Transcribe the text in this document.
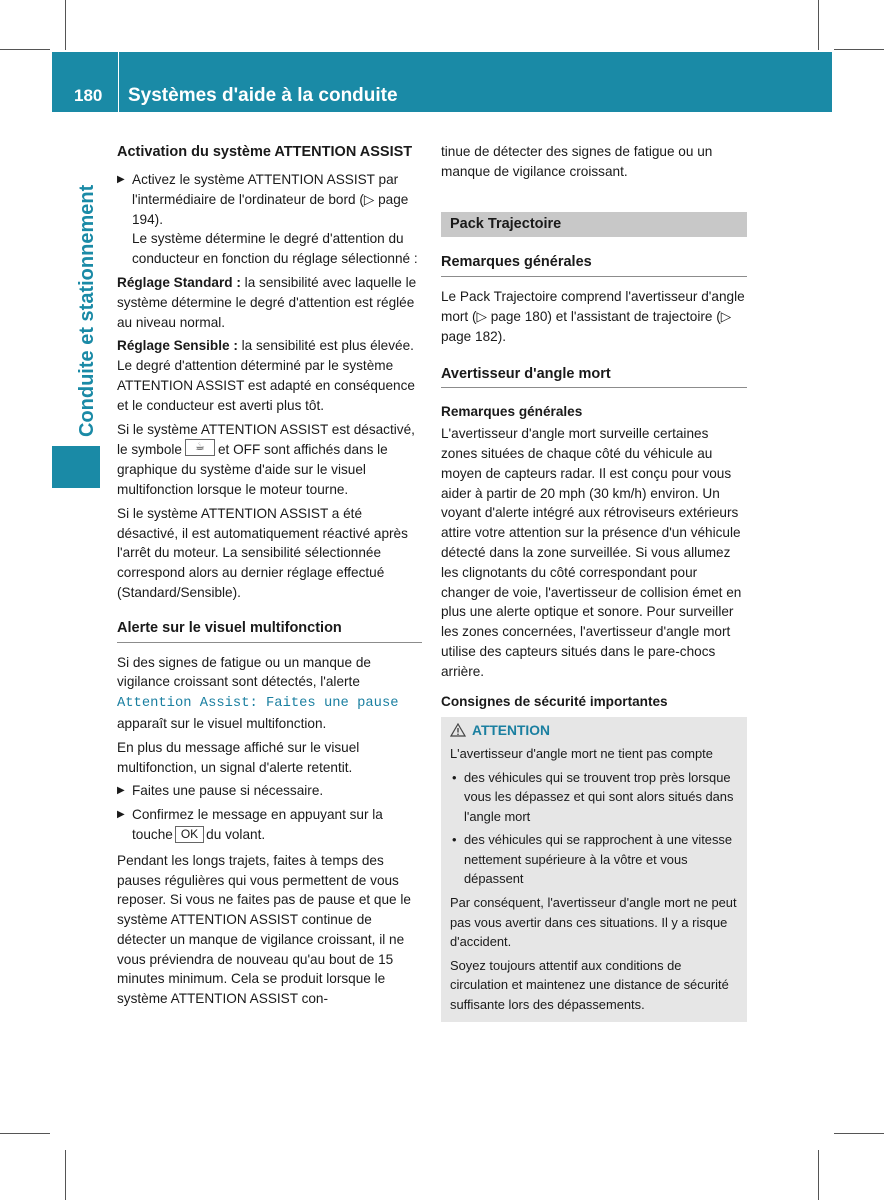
180 Systèmes d'aide à la conduite
Conduite et stationnement

Activation du système ATTENTION ASSIST

▶ Activez le système ATTENTION ASSIST par l'intermédiaire de l'ordinateur de bord (▷ page 194).
Le système détermine le degré d'attention du conducteur en fonction du réglage sélectionné :

Réglage Standard : la sensibilité avec laquelle le système détermine le degré d'attention est réglée au niveau normal.

Réglage Sensible : la sensibilité est plus élevée. Le degré d'attention déterminé par le système ATTENTION ASSIST est adapté en conséquence et le conducteur est averti plus tôt.

Si le système ATTENTION ASSIST est désactivé, le symbole ☕ et OFF sont affichés dans le graphique du système d'aide sur le visuel multifonction lorsque le moteur tourne.

Si le système ATTENTION ASSIST a été désactivé, il est automatiquement réactivé après l'arrêt du moteur. La sensibilité sélectionnée correspond alors au dernier réglage effectué (Standard/Sensible).

Alerte sur le visuel multifonction

Si des signes de fatigue ou un manque de vigilance croissant sont détectés, l'alerte
Attention Assist: Faites une pause
apparaît sur le visuel multifonction.

En plus du message affiché sur le visuel multifonction, un signal d'alerte retentit.

▶ Faites une pause si nécessaire.
▶ Confirmez le message en appuyant sur la touche OK du volant.

Pendant les longs trajets, faites à temps des pauses régulières qui vous permettent de vous reposer. Si vous ne faites pas de pause et que le système ATTENTION ASSIST continue de détecter un manque de vigilance croissant, il ne vous préviendra de nouveau qu'au bout de 15 minutes minimum. Cela se produit lorsque le système ATTENTION ASSIST con-

tinue de détecter des signes de fatigue ou un manque de vigilance croissant.

Pack Trajectoire

Remarques générales

Le Pack Trajectoire comprend l'avertisseur d'angle mort (▷ page 180) et l'assistant de trajectoire (▷ page 182).

Avertisseur d'angle mort

Remarques générales

L'avertisseur d'angle mort surveille certaines zones situées de chaque côté du véhicule au moyen de capteurs radar. Il est conçu pour vous aider à partir de 20 mph (30 km/h) environ. Un voyant d'alerte intégré aux rétroviseurs extérieurs attire votre attention sur la présence d'un véhicule détecté dans la zone surveillée. Si vous allumez les clignotants du côté correspondant pour changer de voie, l'avertisseur de collision émet en plus une alerte optique et sonore. Pour surveiller les zones concernées, l'avertisseur d'angle mort utilise des capteurs situés dans le pare-chocs arrière.

Consignes de sécurité importantes

ATTENTION

L'avertisseur d'angle mort ne tient pas compte

• des véhicules qui se trouvent trop près lorsque vous les dépassez et qui sont alors situés dans l'angle mort
• des véhicules qui se rapprochent à une vitesse nettement supérieure à la vôtre et vous dépassent

Par conséquent, l'avertisseur d'angle mort ne peut pas vous avertir dans ces situations. Il y a risque d'accident.

Soyez toujours attentif aux conditions de circulation et maintenez une distance de sécurité suffisante lors des dépassements.
